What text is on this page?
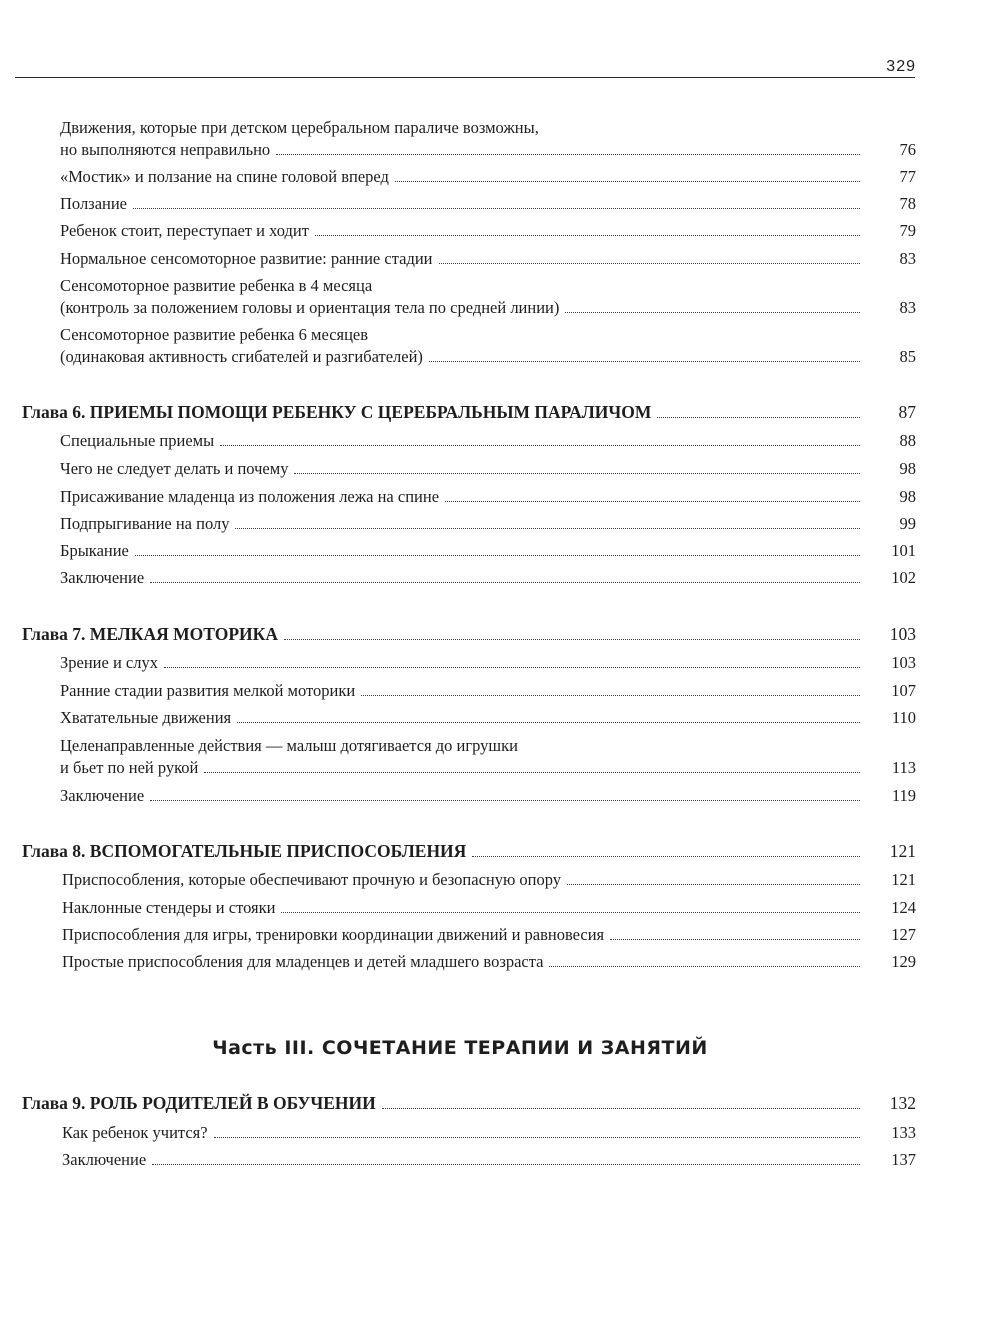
329
Движения, которые при детском церебральном параличе возможны,
но выполняются неправильно	76
«Мостик» и ползание на спине головой вперед	77
Ползание	78
Ребенок стоит, переступает и ходит	79
Нормальное сенсомоторное развитие: ранние стадии	83
Сенсомоторное развитие ребенка в 4 месяца
(контроль за положением головы и ориентация тела по средней линии)	83
Сенсомоторное развитие ребенка 6 месяцев
(одинаковая активность сгибателей и разгибателей)	85
Глава 6. ПРИЕМЫ ПОМОЩИ РЕБЕНКУ С ЦЕРЕБРАЛЬНЫМ ПАРАЛИЧОМ	87
Специальные приемы	88
Чего не следует делать и почему	98
Присаживание младенца из положения лежа на спине	98
Подпрыгивание на полу	99
Брыкание	101
Заключение	102
Глава 7. МЕЛКАЯ МОТОРИКА	103
Зрение и слух	103
Ранние стадии развития мелкой моторики	107
Хватательные движения	110
Целенаправленные действия — малыш дотягивается до игрушки
и бьет по ней рукой	113
Заключение	119
Глава 8. ВСПОМОГАТЕЛЬНЫЕ ПРИСПОСОБЛЕНИЯ	121
Приспособления, которые обеспечивают прочную и безопасную опору	121
Наклонные стендеры и стояки	124
Приспособления для игры, тренировки координации движений и равновесия	127
Простые приспособления для младенцев и детей младшего возраста	129
Часть III. СОЧЕТАНИЕ ТЕРАПИИ И ЗАНЯТИЙ
Глава 9. РОЛЬ РОДИТЕЛЕЙ В ОБУЧЕНИИ	132
Как ребенок учится?	133
Заключение	137
